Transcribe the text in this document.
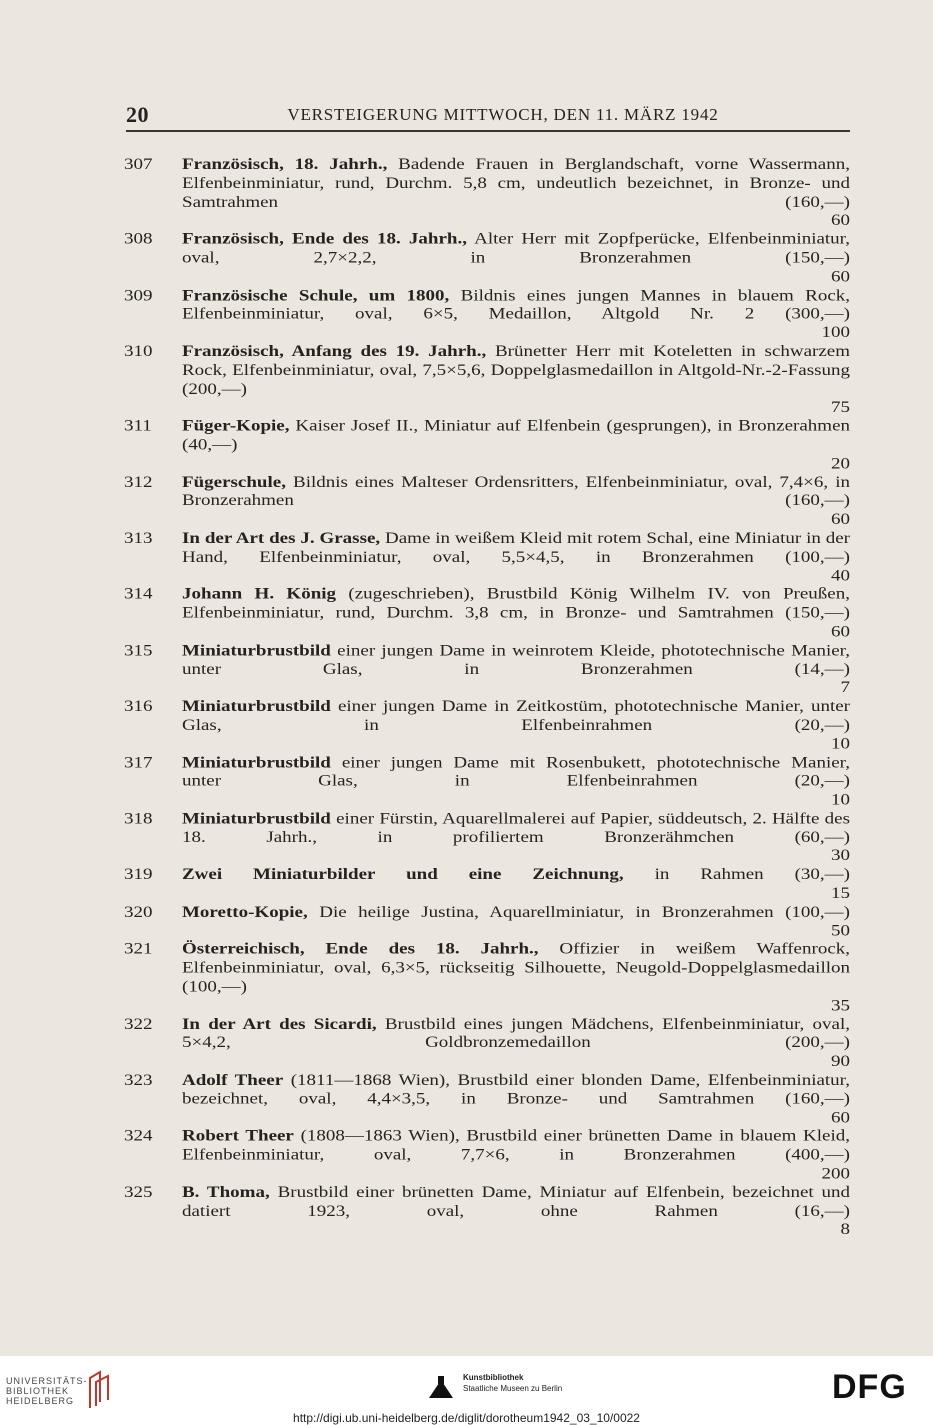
20	VERSTEIGERUNG MITTWOCH, DEN 11. MÄRZ 1942
307	Französisch, 18. Jahrh., Badende Frauen in Berglandschaft, vorne Wassermann, Elfenbeinminiatur, rund, Durchm. 5,8 cm, undeutlich bezeichnet, in Bronze- und Samtrahmen (160,—)
60

308	Französisch, Ende des 18. Jahrh., Alter Herr mit Zopfperücke, Elfenbeinminiatur, oval, 2,7×2,2, in Bronzerahmen (150,—)
60

309	Französische Schule, um 1800, Bildnis eines jungen Mannes in blauem Rock, Elfenbeinminiatur, oval, 6×5, Medaillon, Altgold Nr. 2 (300,—)
100

310	Französisch, Anfang des 19. Jahrh., Brünetter Herr mit Koteletten in schwarzem Rock, Elfenbeinminiatur, oval, 7,5×5,6, Doppelglasmedaillon in Altgold-Nr.-2-Fassung (200,—)
75

311	Füger-Kopie, Kaiser Josef II., Miniatur auf Elfenbein (gesprungen), in Bronzerahmen (40,—)
20

312	Fügerschule, Bildnis eines Malteser Ordensritters, Elfenbeinminiatur, oval, 7,4×6, in Bronzerahmen (160,—)
60

313	In der Art des J. Grasse, Dame in weißem Kleid mit rotem Schal, eine Miniatur in der Hand, Elfenbeinminiatur, oval, 5,5×4,5, in Bronzerahmen (100,—)
40

314	Johann H. König (zugeschrieben), Brustbild König Wilhelm IV. von Preußen, Elfenbeinminiatur, rund, Durchm. 3,8 cm, in Bronze- und Samtrahmen (150,—)
60

315	Miniaturbrustbild einer jungen Dame in weinrotem Kleide, phototechnische Manier, unter Glas, in Bronzerahmen (14,—)
7

316	Miniaturbrustbild einer jungen Dame in Zeitkostüm, phototechnische Manier, unter Glas, in Elfenbeinrahmen (20,—)
10

317	Miniaturbrustbild einer jungen Dame mit Rosenbukett, phototechnische Manier, unter Glas, in Elfenbeinrahmen (20,—)
10

318	Miniaturbrustbild einer Fürstin, Aquarellmalerei auf Papier, süddeutsch, 2. Hälfte des 18. Jahrh., in profiliertem Bronzerähmchen (60,—)
30

319	Zwei Miniaturbilder und eine Zeichnung, in Rahmen (30,—)
15

320	Moretto-Kopie, Die heilige Justina, Aquarellminiatur, in Bronzerahmen (100,—)
50

321	Österreichisch, Ende des 18. Jahrh., Offizier in weißem Waffenrock, Elfenbeinminiatur, oval, 6,3×5, rückseitig Silhouette, Neugold-Doppelglasmedaillon (100,—)
35

322	In der Art des Sicardi, Brustbild eines jungen Mädchens, Elfenbeinminiatur, oval, 5×4,2, Goldbronzemedaillon (200,—)
90

323	Adolf Theer (1811—1868 Wien), Brustbild einer blonden Dame, Elfenbeinminiatur, bezeichnet, oval, 4,4×3,5, in Bronze- und Samtrahmen (160,—)
60

324	Robert Theer (1808—1863 Wien), Brustbild einer brünetten Dame in blauem Kleid, Elfenbeinminiatur, oval, 7,7×6, in Bronzerahmen (400,—)
200

325	B. Thoma, Brustbild einer brünetten Dame, Miniatur auf Elfenbein, bezeichnet und datiert 1923, oval, ohne Rahmen (16,—)
8

UNIVERSITÄTS-
BIBLIOTHEK
HEIDELBERG
Kunstbibliothek
Staatliche Museen zu Berlin	DFG
http://digi.ub.uni-heidelberg.de/diglit/dorotheum1942_03_10/0022
